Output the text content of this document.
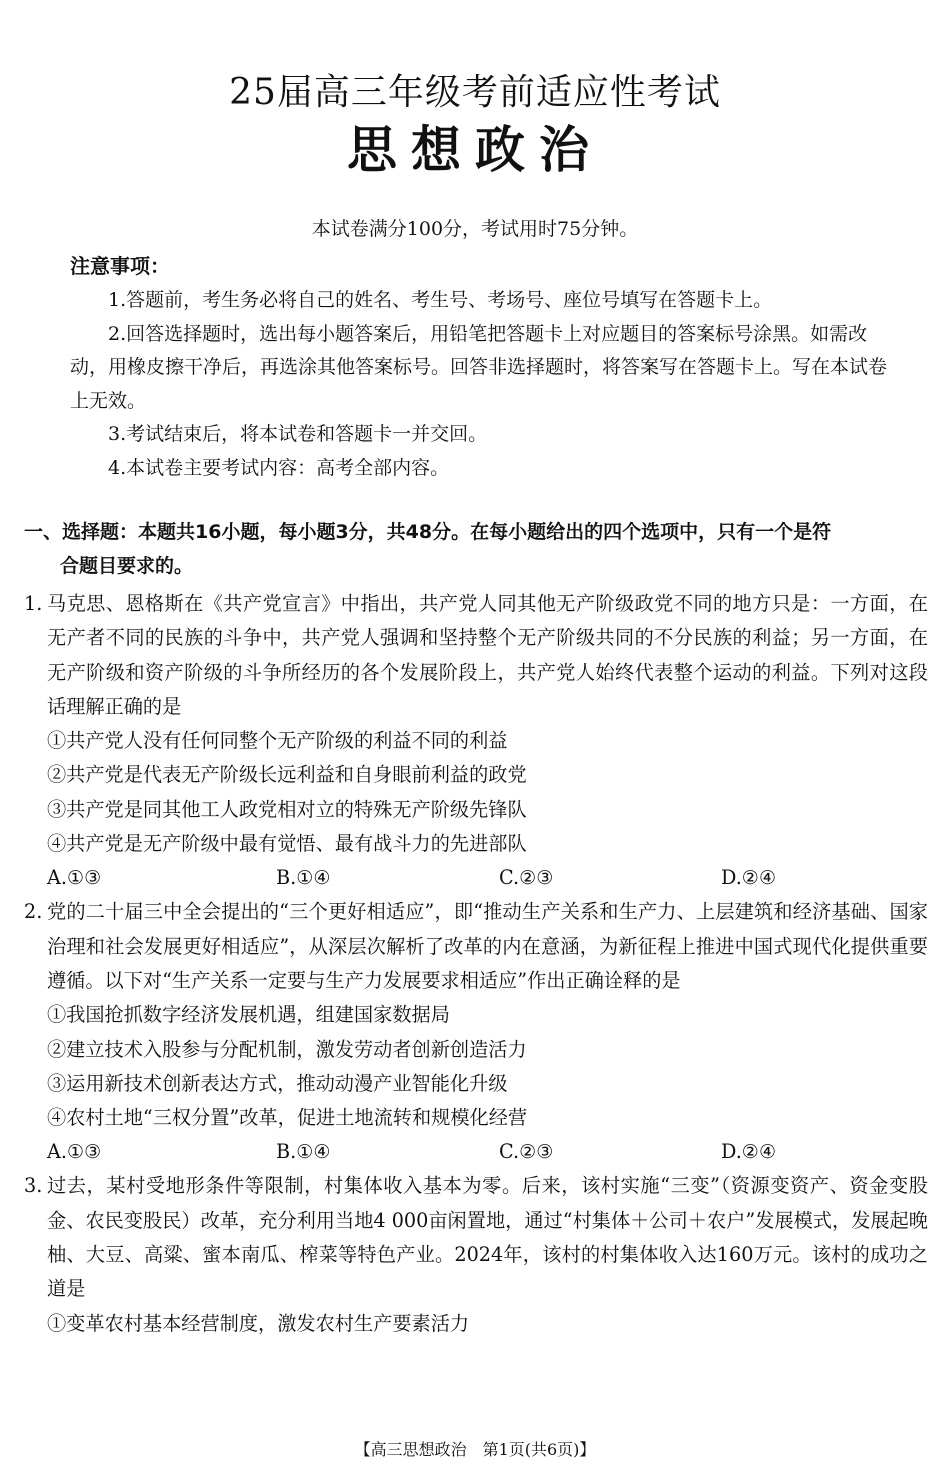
25届高三年级考前适应性考试
思想政治
本试卷满分100分，考试用时75分钟。
注意事项：

1.答题前，考生务必将自己的姓名、考生号、考场号、座位号填写在答题卡上。

2.回答选择题时，选出每小题答案后，用铅笔把答题卡上对应题目的答案标号涂黑。如需改动，用橡皮擦干净后，再选涂其他答案标号。回答非选择题时，将答案写在答题卡上。写在本试卷上无效。

3.考试结束后，将本试卷和答题卡一并交回。

4.本试卷主要考试内容：高考全部内容。

一、选择题：本题共16小题，每小题3分，共48分。在每小题给出的四个选项中，只有一个是符
合题目要求的。
1. 马克思、恩格斯在《共产党宣言》中指出，共产党人同其他无产阶级政党不同的地方只是：一方面，在无产者不同的民族的斗争中，共产党人强调和坚持整个无产阶级共同的不分民族的利益；另一方面，在无产阶级和资产阶级的斗争所经历的各个发展阶段上，共产党人始终代表整个运动的利益。下列对这段话理解正确的是

①共产党人没有任何同整个无产阶级的利益不同的利益

②共产党是代表无产阶级长远利益和自身眼前利益的政党

③共产党是同其他工人政党相对立的特殊无产阶级先锋队

④共产党是无产阶级中最有觉悟、最有战斗力的先进部队

A.①③	B.①④	C.②③	D.②④
2. 党的二十届三中全会提出的“三个更好相适应”，即“推动生产关系和生产力、上层建筑和经济基础、国家治理和社会发展更好相适应”，从深层次解析了改革的内在意涵，为新征程上推进中国式现代化提供重要遵循。以下对“生产关系一定要与生产力发展要求相适应”作出正确诠释的是

①我国抢抓数字经济发展机遇，组建国家数据局

②建立技术入股参与分配机制，激发劳动者创新创造活力

③运用新技术创新表达方式，推动动漫产业智能化升级

④农村土地“三权分置”改革，促进土地流转和规模化经营

A.①③	B.①④	C.②③	D.②④
3. 过去，某村受地形条件等限制，村集体收入基本为零。后来，该村实施“三变”（资源变资产、资金变股金、农民变股民）改革，充分利用当地4 000亩闲置地，通过“村集体＋公司＋农户”发展模式，发展起晚柚、大豆、高粱、蜜本南瓜、榨菜等特色产业。2024年，该村的村集体收入达160万元。该村的成功之道是

①变革农村基本经营制度，激发农村生产要素活力

【高三思想政治　第1页(共6页)】
